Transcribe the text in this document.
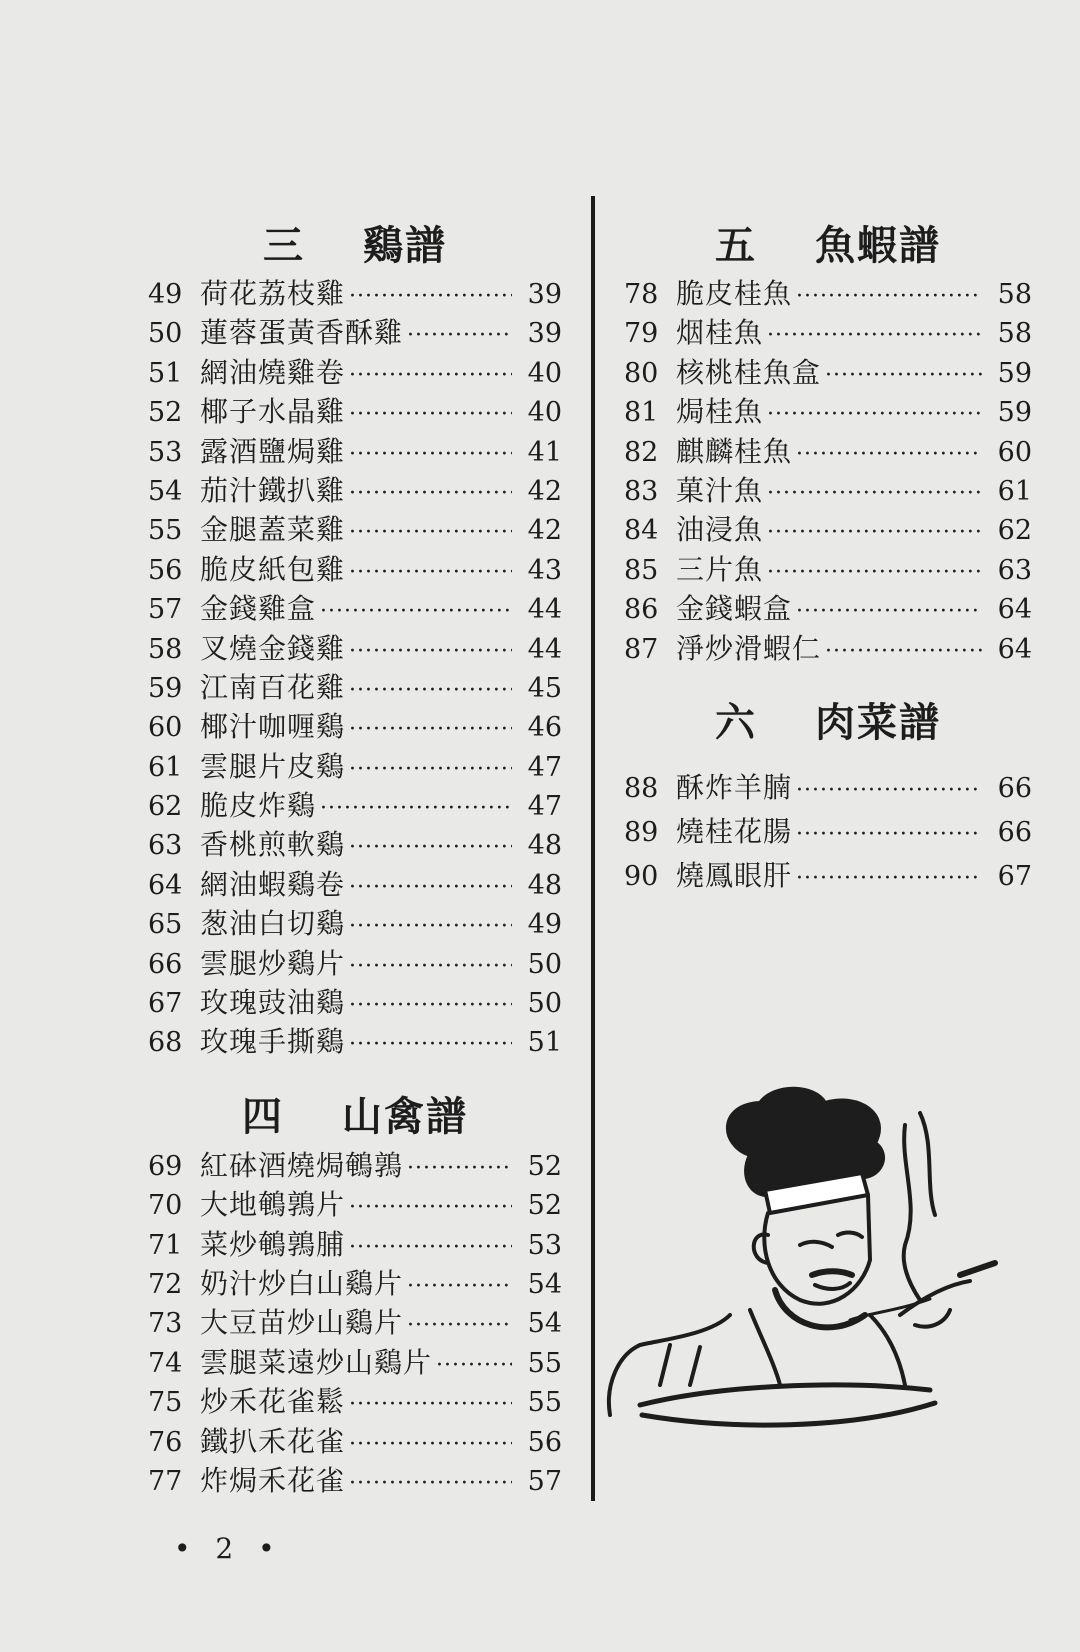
三 鷄譜
49 荷花荔枝雞 ·····	39
50 蓮蓉蛋黃香酥雞 ·····	39
51 網油燒雞卷 ·····	40
52 椰子水晶雞 ·····	40
53 露酒鹽焗雞 ·····	41
54 茄汁鐵扒雞 ·····	42
55 金腿蓋菜雞 ·····	42
56 脆皮紙包雞 ·····	43
57 金錢雞盒 ·····	44
58 叉燒金錢雞 ·····	44
59 江南百花雞 ·····	45
60 椰汁咖喱鷄 ·····	46
61 雲腿片皮鷄 ·····	47
62 脆皮炸鷄 ·····	47
63 香桃煎軟鷄 ·····	48
64 網油蝦鷄卷 ·····	48
65 葱油白切鷄 ·····	49
66 雲腿炒鷄片 ·····	50
67 玫瑰豉油鷄 ·····	50
68 玫瑰手撕鷄 ·····	51
四 山禽譜
69 紅砵酒燒焗鵪鶉 ·····	52
70 大地鵪鶉片 ·····	52
71 菜炒鵪鶉脯 ·····	53
72 奶汁炒白山鷄片 ·····	54
73 大豆苗炒山鷄片 ·····	54
74 雲腿菜遠炒山鷄片 ·····	55
75 炒禾花雀鬆 ·····	55
76 鐵扒禾花雀 ·····	56
77 炸焗禾花雀 ·····	57
五 魚蝦譜
78 脆皮桂魚 ·····	58
79 烟桂魚 ·····	58
80 核桃桂魚盒 ·····	59
81 焗桂魚 ·····	59
82 麒麟桂魚 ·····	60
83 菓汁魚 ·····	61
84 油浸魚 ·····	62
85 三片魚 ·····	63
86 金錢蝦盒 ·····	64
87 淨炒滑蝦仁 ·····	64
六 肉菜譜
88 酥炸羊腩 ·····	66
89 燒桂花腸 ·····	66
90 燒鳳眼肝 ·····	67
• 2 •
